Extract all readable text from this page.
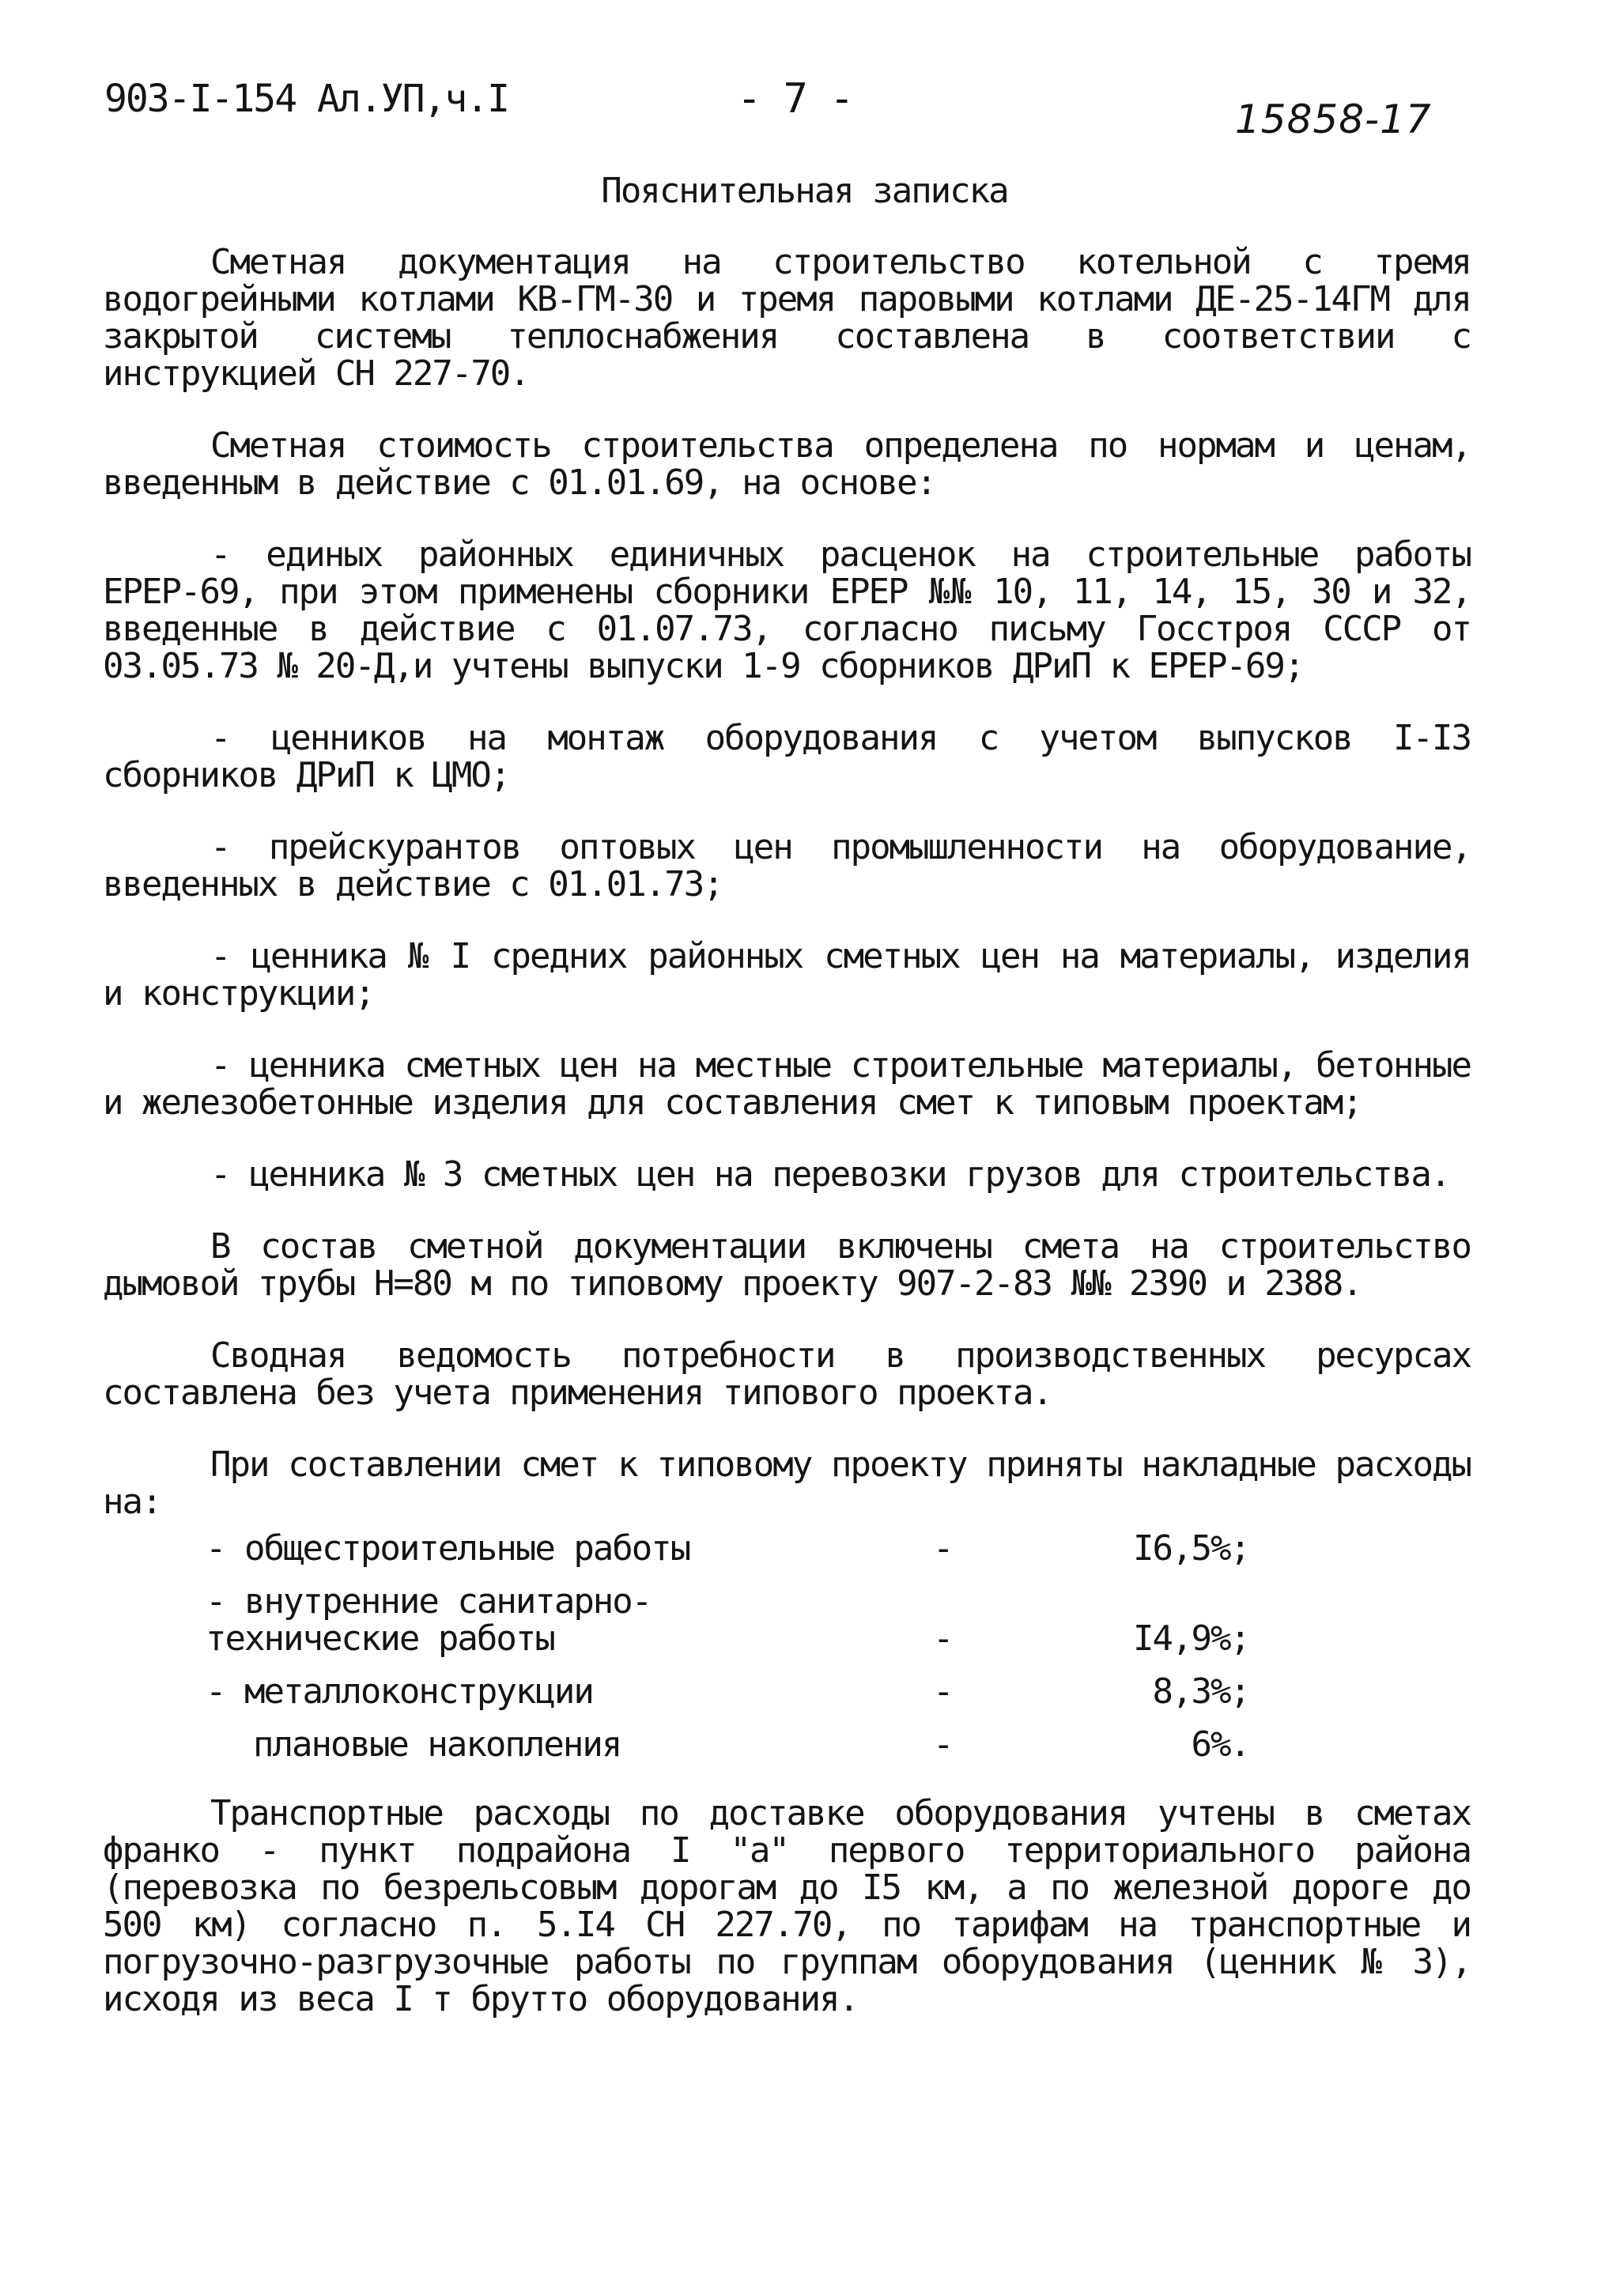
903-I-154 Ал.УП,ч.I	- 7 -	15858-17
Пояснительная записка

Сметная документация на строительство котельной с тремя водогрейными котлами КВ-ГМ-30 и тремя паровыми котлами ДЕ-25-14ГМ для закрытой системы теплоснабжения составлена в соответствии с инструкцией СН 227-70.

Сметная стоимость строительства определена по нормам и ценам, введенным в действие с 01.01.69, на основе:

- единых районных единичных расценок на строительные работы ЕРЕР-69, при этом применены сборники ЕРЕР №№ 10, 11, 14, 15, 30 и 32, введенные в действие с 01.07.73, согласно письму Госстроя СССР от 03.05.73 № 20-Д,и учтены выпуски 1-9 сборников ДРиП к ЕРЕР-69;

- ценников на монтаж оборудования с учетом выпусков I-I3 сборников ДРиП к ЦМО;

- прейскурантов оптовых цен промышленности на оборудование, введенных в действие с 01.01.73;

- ценника № I средних районных сметных цен на материалы, изделия и конструкции;

- ценника сметных цен на местные строительные материалы, бетонные и железобетонные изделия для составления смет к типовым проектам;

- ценника № 3 сметных цен на перевозки грузов для строительства.

В состав сметной документации включены смета на строительство дымовой трубы Н=80 м по типовому проекту 907-2-83 №№ 2390 и 2388.

Сводная ведомость потребности в производственных ресурсах составлена без учета применения типового проекта.

При составлении смет к типовому проекту приняты накладные расходы на:

- общестроительные работы	-	I6,5%;
- внутренние санитарно-технические работы	-	I4,9%;
- металлоконструкции	-	8,3%;
плановые накопления	-	6%.

Транспортные расходы по доставке оборудования учтены в сметах франко - пункт подрайона I "а" первого территориального района (перевозка по безрельсовым дорогам до I5 км, а по железной дороге до 500 км) согласно п. 5.I4 СН 227.70, по тарифам на транспортные и погрузочно-разгрузочные работы по группам оборудования (ценник № 3), исходя из веса I т брутто оборудования.
